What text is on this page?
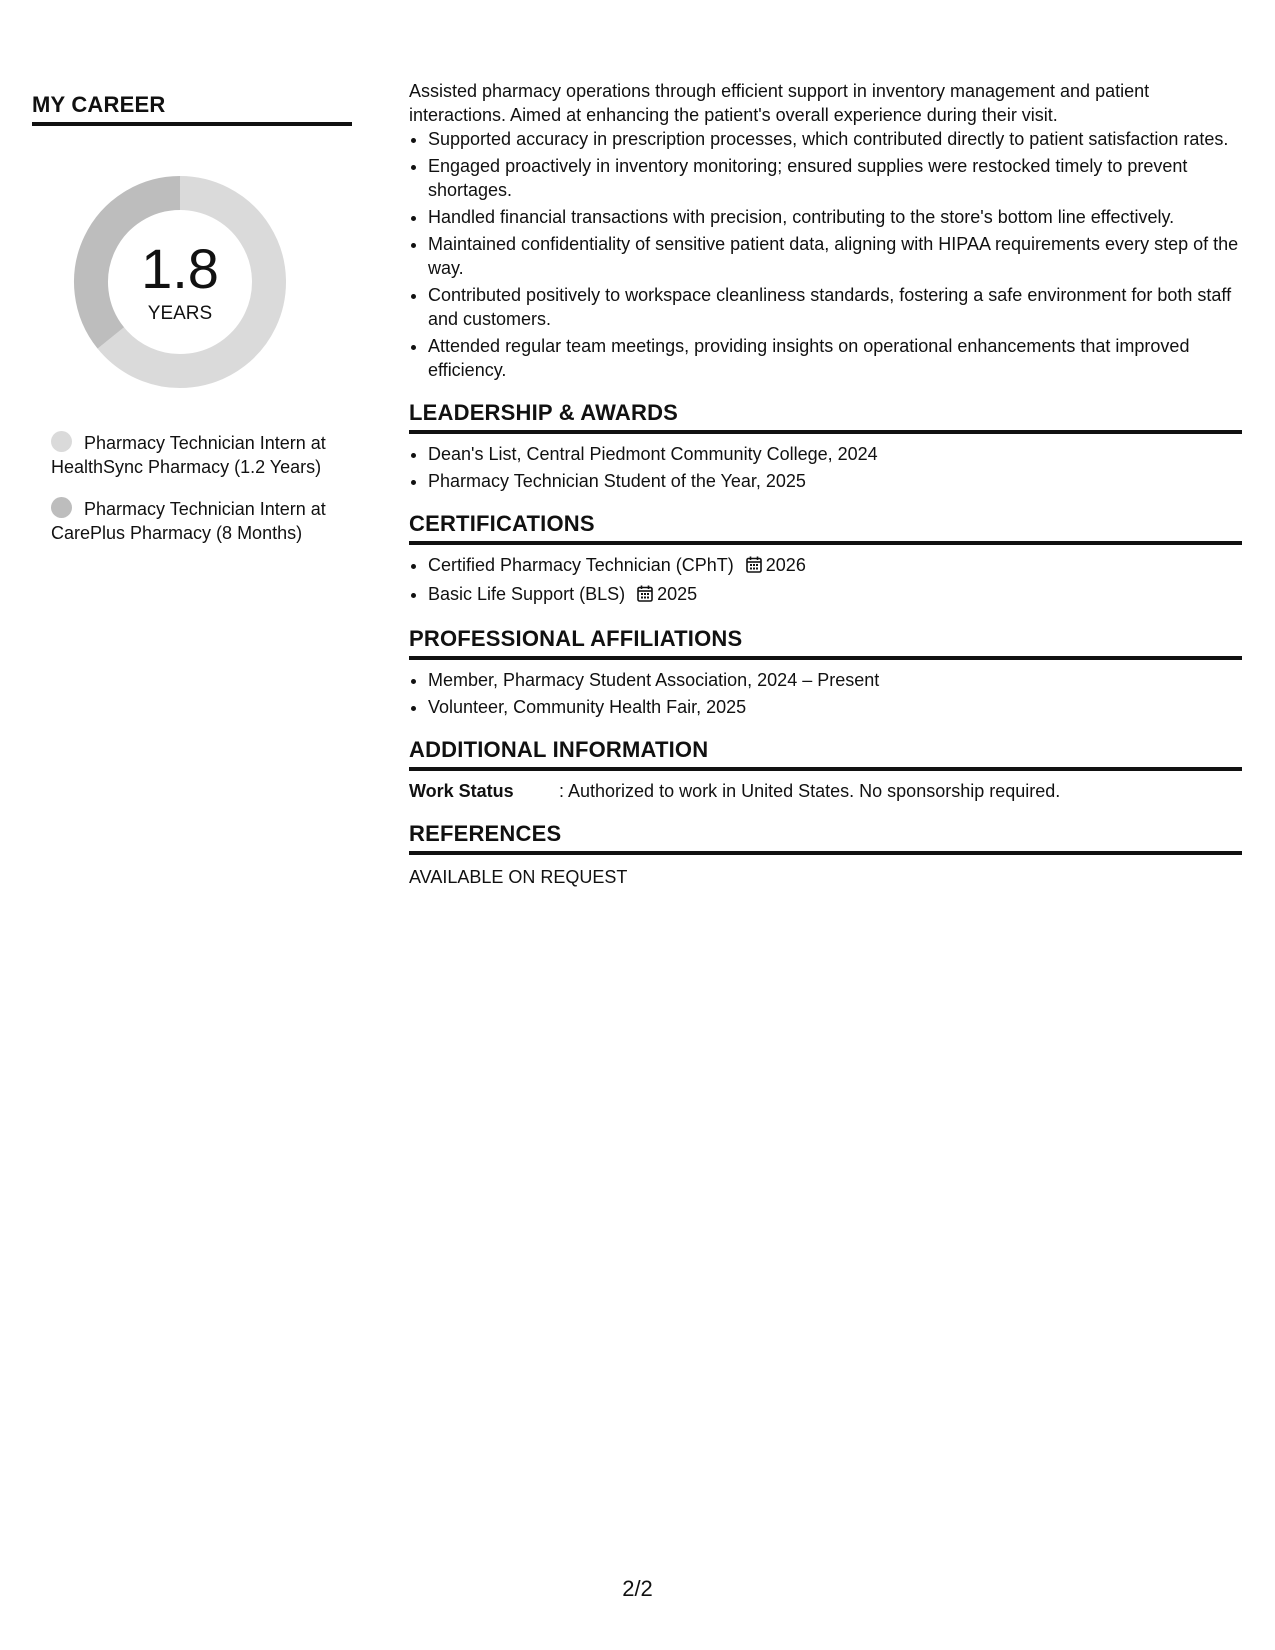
MY CAREER
1.8
YEARS
Pharmacy Technician Intern at HealthSync Pharmacy (1.2 Years)
Pharmacy Technician Intern at CarePlus Pharmacy (8 Months)

Assisted pharmacy operations through efficient support in inventory management and patient interactions. Aimed at enhancing the patient's overall experience during their visit.

• Supported accuracy in prescription processes, which contributed directly to patient satisfaction rates.
• Engaged proactively in inventory monitoring; ensured supplies were restocked timely to prevent shortages.
• Handled financial transactions with precision, contributing to the store's bottom line effectively.
• Maintained confidentiality of sensitive patient data, aligning with HIPAA requirements every step of the way.
• Contributed positively to workspace cleanliness standards, fostering a safe environment for both staff and customers.
• Attended regular team meetings, providing insights on operational enhancements that improved efficiency.
LEADERSHIP & AWARDS
• Dean's List, Central Piedmont Community College, 2024
• Pharmacy Technician Student of the Year, 2025
CERTIFICATIONS
• Certified Pharmacy Technician (CPhT) 2026
• Basic Life Support (BLS) 2025
PROFESSIONAL AFFILIATIONS
• Member, Pharmacy Student Association, 2024 – Present
• Volunteer, Community Health Fair, 2025
ADDITIONAL INFORMATION
Work Status	: Authorized to work in United States. No sponsorship required.
REFERENCES
AVAILABLE ON REQUEST
2/2
